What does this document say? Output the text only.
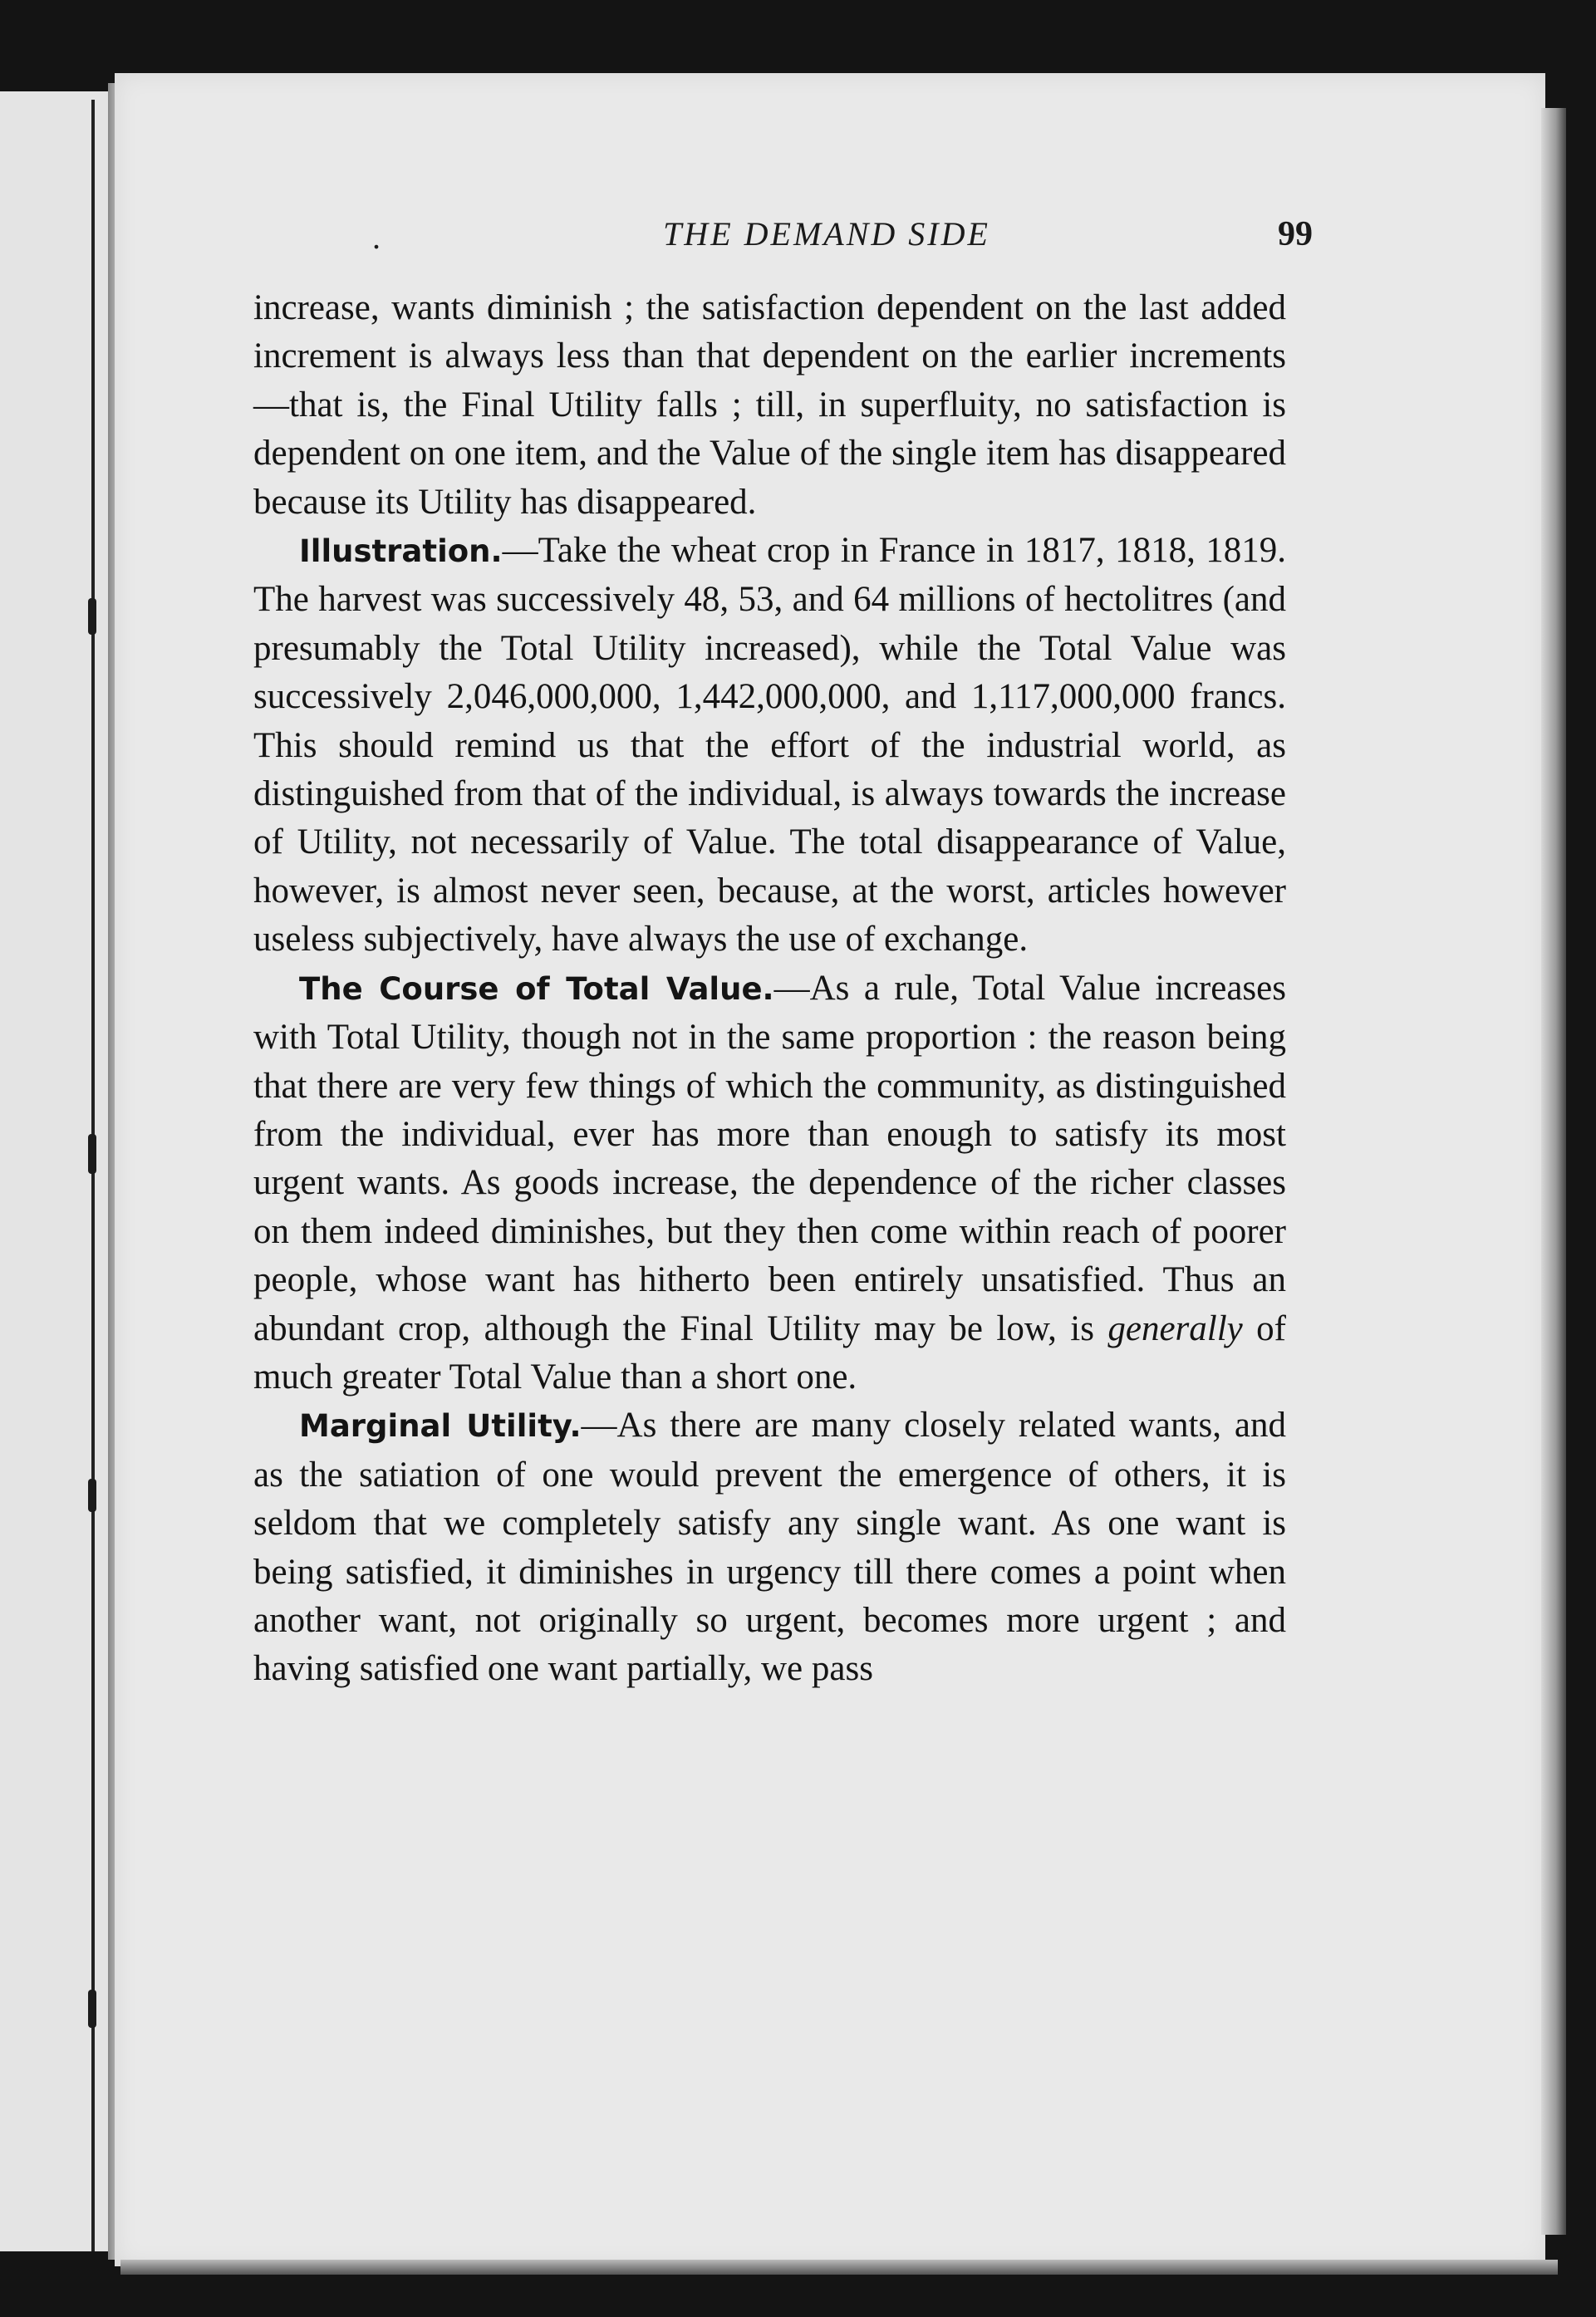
.	THE DEMAND SIDE	99

increase, wants diminish ; the satisfaction dependent on the last added increment is always less than that dependent on the earlier increments—that is, the Final Utility falls ; till, in superfluity, no satisfaction is dependent on one item, and the Value of the single item has disappeared because its Utility has disappeared.

Illustration.—Take the wheat crop in France in 1817, 1818, 1819. The harvest was successively 48, 53, and 64 millions of hectolitres (and presumably the Total Utility increased), while the Total Value was successively 2,046,000,000, 1,442,000,000, and 1,117,000,000 francs. This should remind us that the effort of the industrial world, as distinguished from that of the individual, is always towards the increase of Utility, not necessarily of Value. The total disappearance of Value, however, is almost never seen, because, at the worst, articles however useless subjectively, have always the use of exchange.

The Course of Total Value.—As a rule, Total Value increases with Total Utility, though not in the same proportion : the reason being that there are very few things of which the community, as distinguished from the individual, ever has more than enough to satisfy its most urgent wants. As goods increase, the dependence of the richer classes on them indeed diminishes, but they then come within reach of poorer people, whose want has hitherto been entirely unsatisfied. Thus an abundant crop, although the Final Utility may be low, is generally of much greater Total Value than a short one.

Marginal Utility.—As there are many closely related wants, and as the satiation of one would prevent the emergence of others, it is seldom that we completely satisfy any single want. As one want is being satisfied, it diminishes in urgency till there comes a point when another want, not originally so urgent, becomes more urgent ; and having satisfied one want partially, we pass
